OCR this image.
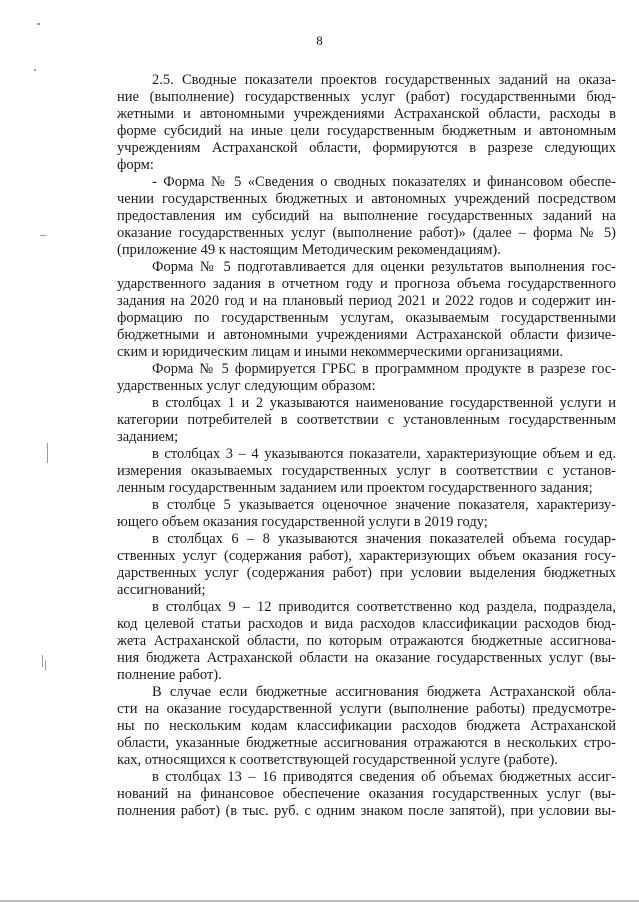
8
2.5. Сводные показатели проектов государственных заданий на оказа-
ние (выполнение) государственных услуг (работ) государственными бюд-
жетными и автономными учреждениями Астраханской области, расходы в
форме субсидий на иные цели государственным бюджетным и автономным
учреждениям Астраханской области, формируются в разрезе следующих
форм:
- Форма № 5 «Сведения о сводных показателях и финансовом обеспе-
чении государственных бюджетных и автономных учреждений посредством
предоставления им субсидий на выполнение государственных заданий на
оказание государственных услуг (выполнение работ)» (далее – форма № 5)
(приложение 49 к настоящим Методическим рекомендациям).
Форма № 5 подготавливается для оценки результатов выполнения гос-
ударственного задания в отчетном году и прогноза объема государственного
задания на 2020 год и на плановый период 2021 и 2022 годов и содержит ин-
формацию по государственным услугам, оказываемым государственными
бюджетными и автономными учреждениями Астраханской области физиче-
ским и юридическим лицам и иными некоммерческими организациями.
Форма № 5 формируется ГРБС в программном продукте в разрезе гос-
ударственных услуг следующим образом:
в столбцах 1 и 2 указываются наименование государственной услуги и
категории потребителей в соответствии с установленным государственным
заданием;
в столбцах 3 – 4 указываются показатели, характеризующие объем и ед.
измерения оказываемых государственных услуг в соответствии с установ-
ленным государственным заданием или проектом государственного задания;
в столбце 5 указывается оценочное значение показателя, характеризу-
ющего объем оказания государственной услуги в 2019 году;
в столбцах 6 – 8 указываются значения показателей объема государ-
ственных услуг (содержания работ), характеризующих объем оказания госу-
дарственных услуг (содержания работ) при условии выделения бюджетных
ассигнований;
в столбцах 9 – 12 приводится соответственно код раздела, подраздела,
код целевой статьи расходов и вида расходов классификации расходов бюд-
жета Астраханской области, по которым отражаются бюджетные ассигнова-
ния бюджета Астраханской области на оказание государственных услуг (вы-
полнение работ).
В случае если бюджетные ассигнования бюджета Астраханской обла-
сти на оказание государственной услуги (выполнение работы) предусмотре-
ны по нескольким кодам классификации расходов бюджета Астраханской
области, указанные бюджетные ассигнования отражаются в нескольких стро-
ках, относящихся к соответствующей государственной услуге (работе).
в столбцах 13 – 16 приводятся сведения об объемах бюджетных ассиг-
нований на финансовое обеспечение оказания государственных услуг (вы-
полнения работ) (в тыс. руб. с одним знаком после запятой), при условии вы-
